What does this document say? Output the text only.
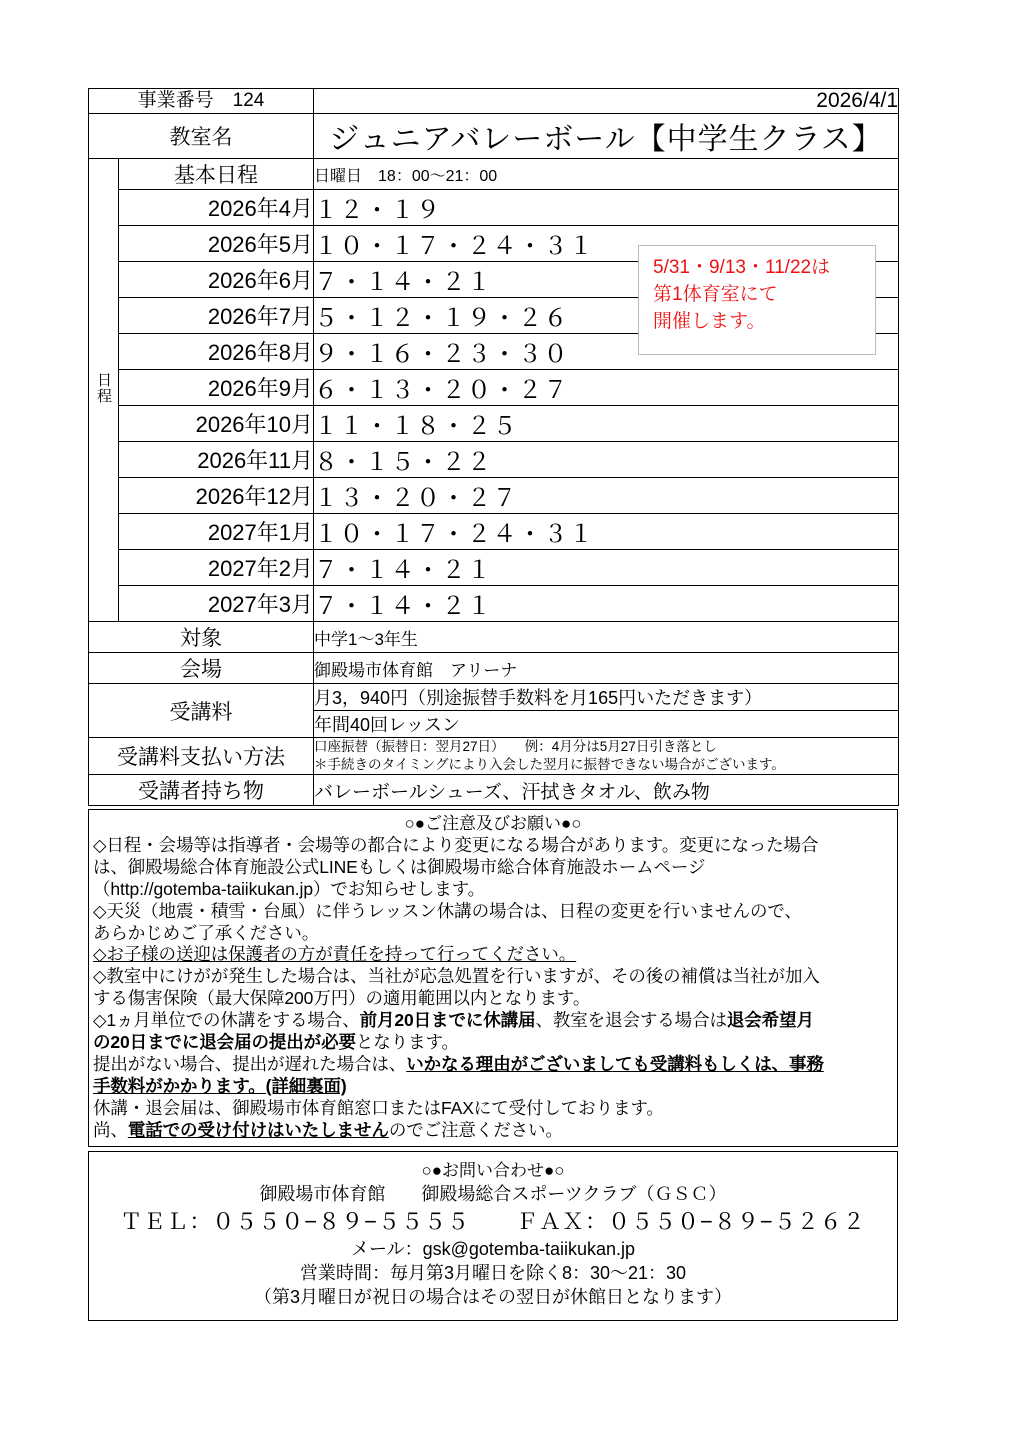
5/31・9/13・11/22は
第1体育室にて
開催します。
事業番号　124		2026/4/1
教室名		ジュニアバレーボール【中学生クラス】
日程	基本日程	日曜日　18：00〜21：00
	2026年4月	１２・１９
	2026年5月	１０・１７・２４・３１
	2026年6月	７・１４・２１
	2026年7月	５・１２・１９・２６
	2026年8月	９・１６・２３・３０
	2026年9月	６・１３・２０・２７
	2026年10月	１１・１８・２５
	2026年11月	８・１５・２２
	2026年12月	１３・２０・２７
	2027年1月	１０・１７・２４・３１
	2027年2月	７・１４・２１
	2027年3月	７・１４・２１
対象		中学1〜3年生
会場		御殿場市体育館　アリーナ
受講料		月3，940円（別途振替手数料を月165円いただきます）
		年間40回レッスン
受講料支払い方法		口座振替（振替日：翌月27日）　　例：4月分は5月27日引き落とし
＊手続きのタイミングにより入会した翌月に振替できない場合がございます。

受講者持ち物		バレーボールシューズ、汗拭きタオル、飲み物
○●ご注意及びお願い●○
◇日程・会場等は指導者・会場等の都合により変更になる場合があります。変更になった場合
は、御殿場総合体育施設公式LINEもしくは御殿場市総合体育施設ホームページ
（http://gotemba-taiikukan.jp）でお知らせします。
◇天災（地震・積雪・台風）に伴うレッスン休講の場合は、日程の変更を行いませんので、
あらかじめご了承ください。
◇お子様の送迎は保護者の方が責任を持って行ってください。
◇教室中にけがが発生した場合は、当社が応急処置を行いますが、その後の補償は当社が加入
する傷害保険（最大保障200万円）の適用範囲以内となります。
◇1ヵ月単位での休講をする場合、前月20日までに休講届、教室を退会する場合は退会希望月
の20日までに退会届の提出が必要となります。
提出がない場合、提出が遅れた場合は、いかなる理由がございましても受講料もしくは、事務
手数料がかかります。(詳細裏面)
休講・退会届は、御殿場市体育館窓口またはFAXにて受付しております。
尚、電話での受け付けはいたしませんのでご注意ください。
○●お問い合わせ●○
御殿場市体育館　　御殿場総合スポーツクラブ（ＧＳＣ）
ＴＥＬ：０５５０−８９−５５５５　　ＦＡＸ：０５５０−８９−５２６２
メール：gsk@gotemba-taiikukan.jp
営業時間：毎月第3月曜日を除く8：30〜21：30
（第3月曜日が祝日の場合はその翌日が休館日となります）
